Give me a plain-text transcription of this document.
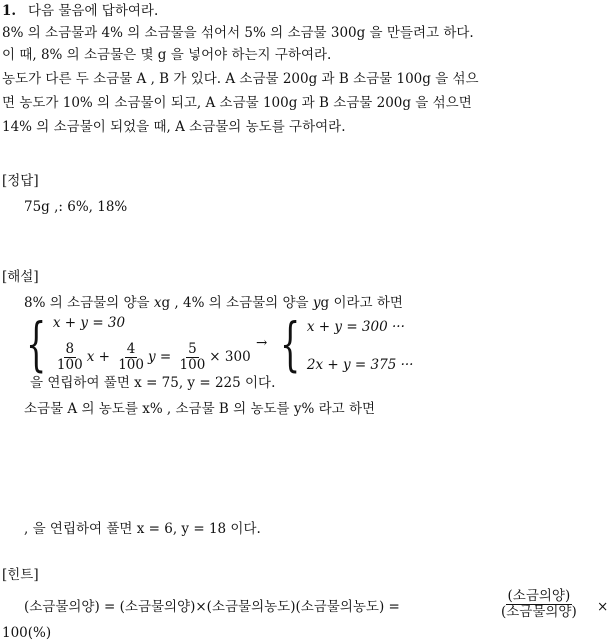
1. 다음 물음에 답하여라.
8% 의 소금물과 4% 의 소금물을 섞어서 5% 의 소금물 300g 을 만들려고 하다.
이 때, 8% 의 소금물은 몇 g 을 넣어야 하는지 구하여라.
농도가 다른 두 소금물 A , B 가 있다. A 소금물 200g 과 B 소금물 100g 을 섞으
면 농도가 10% 의 소금물이 되고, A 소금물 100g 과 B 소금물 200g 을 섞으면
14% 의 소금물이 되었을 때, A 소금물의 농도를 구하여라.
[정답]
75g ,: 6%, 18%
[해설]
8% 의 소금물의 양을 xg , 4% 의 소금물의 양을 yg 이라고 하면
{ x + y = 30
$\frac{8}{100}$ $x + \frac{4}{100}$ $y = \frac{5}{100} \times 300$
→ { x + y = 300 ···
2x + y = 375 ···
을 연립하여 풀면 x = 75, y = 225 이다.
소금물 A 의 농도를 x% , 소금물 B 의 농도를 y% 라고 하면
, 을 연립하여 풀면 x = 6, y = 18 이다.
[힌트]
(소금물의양) = (소금물의양)×(소금물의농도)(소금물의농도) =
(소금의양)
(소금물의양) ×
100(%)
